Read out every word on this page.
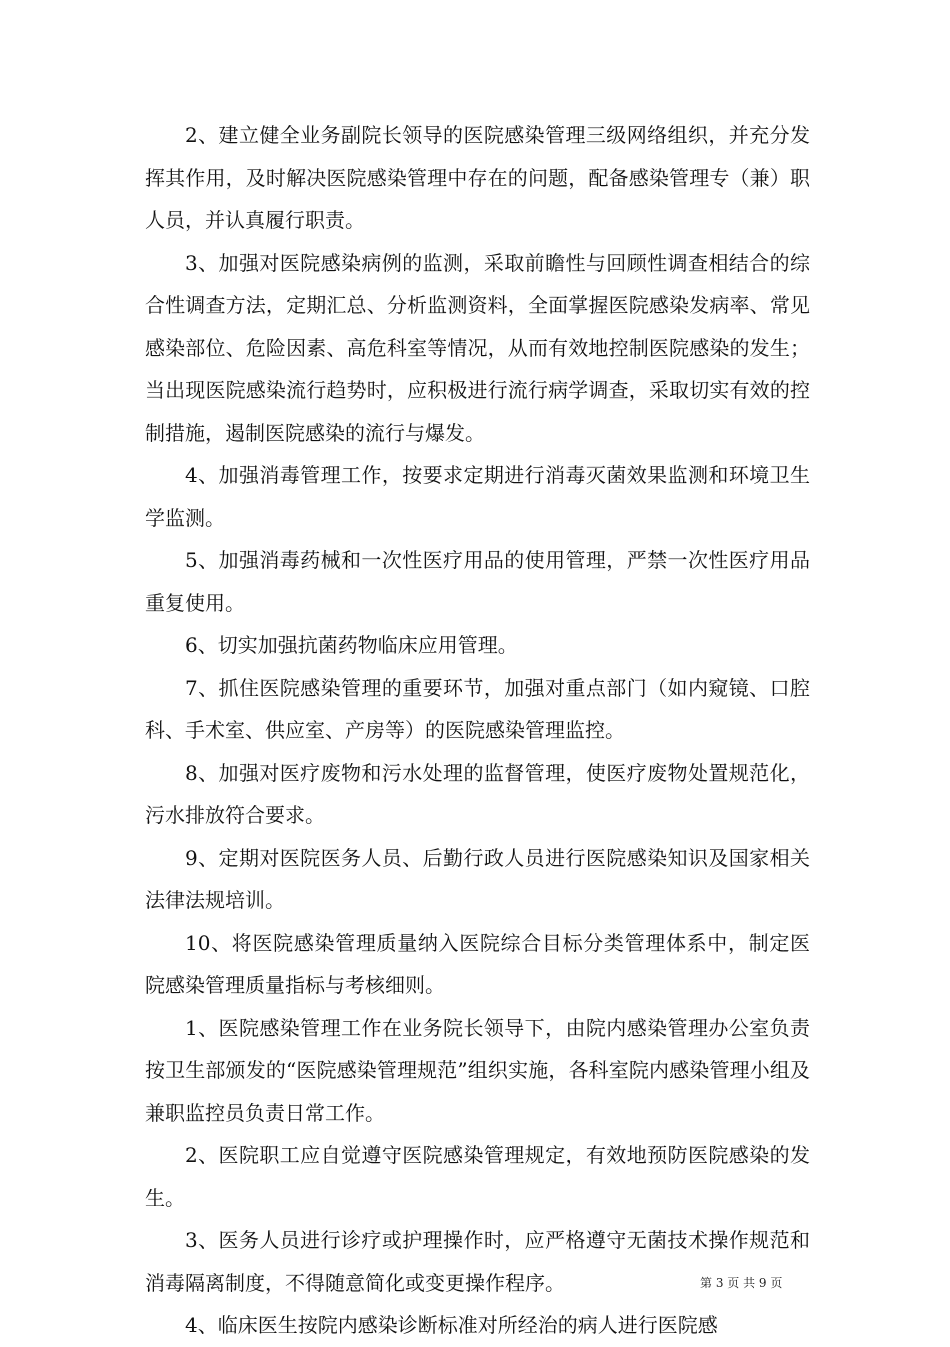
2、建立健全业务副院长领导的医院感染管理三级网络组织，并充分发挥其作用，及时解决医院感染管理中存在的问题，配备感染管理专（兼）职人员，并认真履行职责。

3、加强对医院感染病例的监测，采取前瞻性与回顾性调查相结合的综合性调查方法，定期汇总、分析监测资料，全面掌握医院感染发病率、常见感染部位、危险因素、高危科室等情况，从而有效地控制医院感染的发生；当出现医院感染流行趋势时，应积极进行流行病学调查，采取切实有效的控制措施，遏制医院感染的流行与爆发。

4、加强消毒管理工作，按要求定期进行消毒灭菌效果监测和环境卫生学监测。

5、加强消毒药械和一次性医疗用品的使用管理，严禁一次性医疗用品重复使用。

6、切实加强抗菌药物临床应用管理。

7、抓住医院感染管理的重要环节，加强对重点部门（如内窥镜、口腔科、手术室、供应室、产房等）的医院感染管理监控。

8、加强对医疗废物和污水处理的监督管理，使医疗废物处置规范化，污水排放符合要求。

9、定期对医院医务人员、后勤行政人员进行医院感染知识及国家相关法律法规培训。

10、将医院感染管理质量纳入医院综合目标分类管理体系中，制定医院感染管理质量指标与考核细则。

1、医院感染管理工作在业务院长领导下，由院内感染管理办公室负责按卫生部颁发的“医院感染管理规范”组织实施，各科室院内感染管理小组及兼职监控员负责日常工作。

2、医院职工应自觉遵守医院感染管理规定，有效地预防医院感染的发生。

3、医务人员进行诊疗或护理操作时，应严格遵守无菌技术操作规范和消毒隔离制度，不得随意简化或变更操作程序。

4、临床医生按院内感染诊断标准对所经治的病人进行医院感

第 3 页 共 9 页
